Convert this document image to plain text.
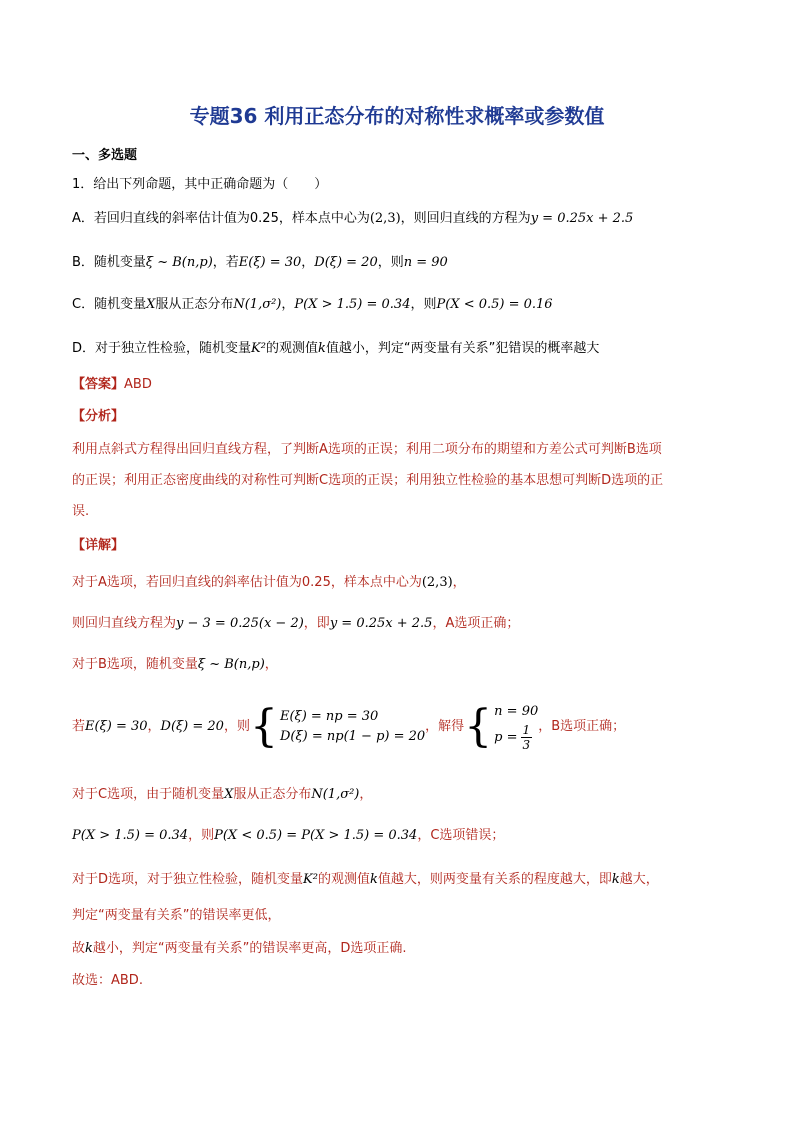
专题36 利用正态分布的对称性求概率或参数值
一、多选题
1．给出下列命题，其中正确命题为（　　）
A．若回归直线的斜率估计值为0.25，样本点中心为(2,3)，则回归直线的方程为y = 0.25x + 2.5
B．随机变量ξ ~ B(n,p)，若E(ξ) = 30，D(ξ) = 20，则n = 90
C．随机变量X服从正态分布N(1,σ²)，P(X > 1.5) = 0.34，则P(X < 0.5) = 0.16
D．对于独立性检验，随机变量K²的观测值k值越小，判定“两变量有关系”犯错误的概率越大
【答案】ABD
【分析】
利用点斜式方程得出回归直线方程，了判断A选项的正误；利用二项分布的期望和方差公式可判断B选项
的正误；利用正态密度曲线的对称性可判断C选项的正误；利用独立性检验的基本思想可判断D选项的正
误.
【详解】
对于A选项，若回归直线的斜率估计值为0.25，样本点中心为(2,3)，
则回归直线方程为y − 3 = 0.25(x − 2)，即y = 0.25x + 2.5，A选项正确；
对于B选项，随机变量ξ ~ B(n,p)，
若E(ξ) = 30，D(ξ) = 20，则 { E(ξ) = np = 30
D(ξ) = np(1 − p) = 20
，解得 { n = 90
$p = \frac{1}{3}$ ，B选项正确；
对于C选项，由于随机变量X服从正态分布N(1,σ²)，
P(X > 1.5) = 0.34，则P(X < 0.5) = P(X > 1.5) = 0.34，C选项错误；
对于D选项，对于独立性检验，随机变量K²的观测值k值越大，则两变量有关系的程度越大，即k越大，
判定“两变量有关系”的错误率更低，
故k越小，判定“两变量有关系”的错误率更高，D选项正确.
故选：ABD.
